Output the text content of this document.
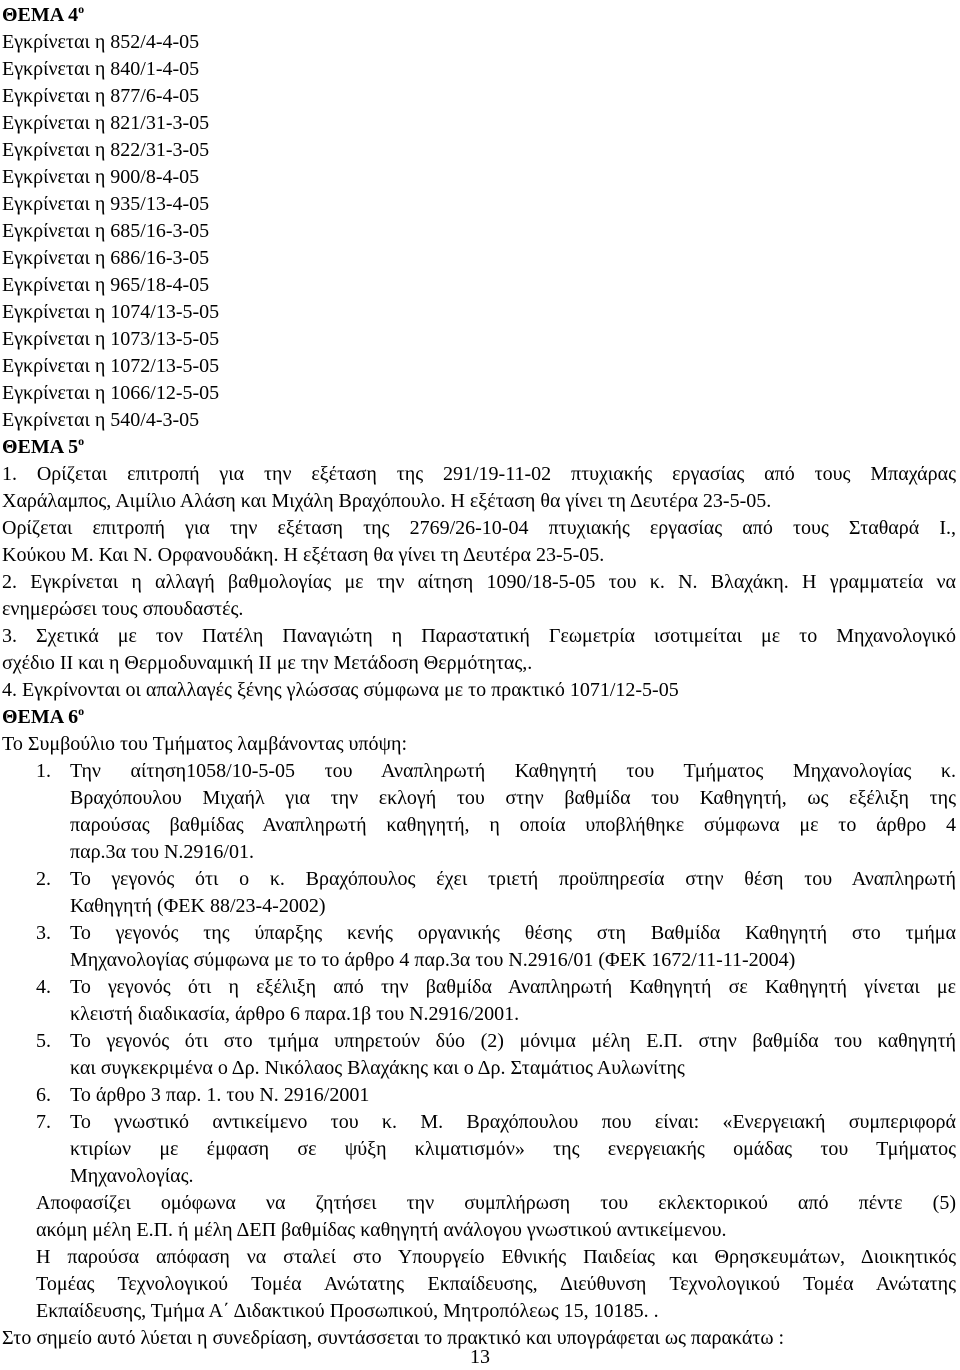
ΘΕΜΑ $4^o$
Εγκρίνεται η 852/4-4-05
Εγκρίνεται η 840/1-4-05
Εγκρίνεται η 877/6-4-05
Εγκρίνεται η 821/31-3-05
Εγκρίνεται η 822/31-3-05
Εγκρίνεται η 900/8-4-05
Εγκρίνεται η 935/13-4-05
Εγκρίνεται η 685/16-3-05
Εγκρίνεται η 686/16-3-05
Εγκρίνεται η 965/18-4-05
Εγκρίνεται η 1074/13-5-05
Εγκρίνεται η 1073/13-5-05
Εγκρίνεται η 1072/13-5-05
Εγκρίνεται η 1066/12-5-05
Εγκρίνεται η 540/4-3-05
ΘΕΜΑ $5^o$
1. Ορίζεται επιτροπή για την εξέταση της 291/19-11-02 πτυχιακής εργασίας από τους Μπαχάρας
Χαράλαμπος, Αιμίλιο Αλάση και Μιχάλη Βραχόπουλο. Η εξέταση θα γίνει τη Δευτέρα 23-5-05.
Ορίζεται επιτροπή για την εξέταση της 2769/26-10-04 πτυχιακής εργασίας από τους Σταθαρά Ι.,
Κούκου Μ. Και Ν. Ορφανουδάκη. Η εξέταση θα γίνει τη Δευτέρα 23-5-05.
2. Εγκρίνεται η αλλαγή βαθμολογίας με την αίτηση 1090/18-5-05 του κ. Ν. Βλαχάκη. Η γραμματεία να
ενημερώσει τους σπουδαστές.
3. Σχετικά με τον Πατέλη Παναγιώτη η Παραστατική Γεωμετρία ισοτιμείται με το Μηχανολογικό
σχέδιο ΙΙ και η Θερμοδυναμική ΙΙ με την Μετάδοση Θερμότητας,.
4. Εγκρίνονται οι απαλλαγές ξένης γλώσσας σύμφωνα με το πρακτικό 1071/12-5-05
ΘΕΜΑ $6^o$
Το Συμβούλιο του Τμήματος λαμβάνοντας υπόψη:
1. Την αίτηση1058/10-5-05 του Αναπληρωτή Καθηγητή του Τμήματος Μηχανολογίας κ.
Βραχόπουλου Μιχαήλ για την εκλογή του στην βαθμίδα του Καθηγητή, ως εξέλιξη της
παρούσας βαθμίδας Αναπληρωτή καθηγητή, η οποία υποβλήθηκε σύμφωνα με το άρθρο 4
παρ.3α του Ν.2916/01.
2. Το γεγονός ότι ο κ. Βραχόπουλος έχει τριετή προϋπηρεσία στην θέση του Αναπληρωτή
Καθηγητή (ΦΕΚ 88/23-4-2002)
3. Το γεγονός της ύπαρξης κενής οργανικής θέσης στη Βαθμίδα Καθηγητή στο τμήμα
Μηχανολογίας σύμφωνα με το το άρθρο 4 παρ.3α του Ν.2916/01 (ΦΕΚ 1672/11-11-2004)
4. Το γεγονός ότι η εξέλιξη από την βαθμίδα Αναπληρωτή Καθηγητή σε Καθηγητή γίνεται με
κλειστή διαδικασία, άρθρο 6 παρα.1β του Ν.2916/2001.
5. Το γεγονός ότι στο τμήμα υπηρετούν δύο (2) μόνιμα μέλη Ε.Π. στην βαθμίδα του καθηγητή
και συγκεκριμένα ο Δρ. Νικόλαος Βλαχάκης και ο Δρ. Σταμάτιος Αυλωνίτης
6. Το άρθρο 3 παρ. 1. του Ν. 2916/2001
7. Το γνωστικό αντικείμενο του κ. Μ. Βραχόπουλου που είναι: «Ενεργειακή συμπεριφορά
κτιρίων με έμφαση σε ψύξη κλιματισμόν» της ενεργειακής ομάδας του Τμήματος
Μηχανολογίας.
Αποφασίζει ομόφωνα να ζητήσει την συμπλήρωση του εκλεκτορικού από πέντε (5)
ακόμη μέλη Ε.Π. ή μέλη ΔΕΠ βαθμίδας καθηγητή ανάλογου γνωστικού αντικείμενου.
Η παρούσα απόφαση να σταλεί στο Υπουργείο Εθνικής Παιδείας και Θρησκευμάτων, Διοικητικός
Τομέας Τεχνολογικού Τομέα Ανώτατης Εκπαίδευσης, Διεύθυνση Τεχνολογικού Τομέα Ανώτατης
Εκπαίδευσης, Τμήμα Α΄ Διδακτικού Προσωπικού, Μητροπόλεως 15, 10185. .
Στο σημείο αυτό λύεται η συνεδρίαση, συντάσσεται το πρακτικό και υπογράφεται ως παρακάτω :
13
